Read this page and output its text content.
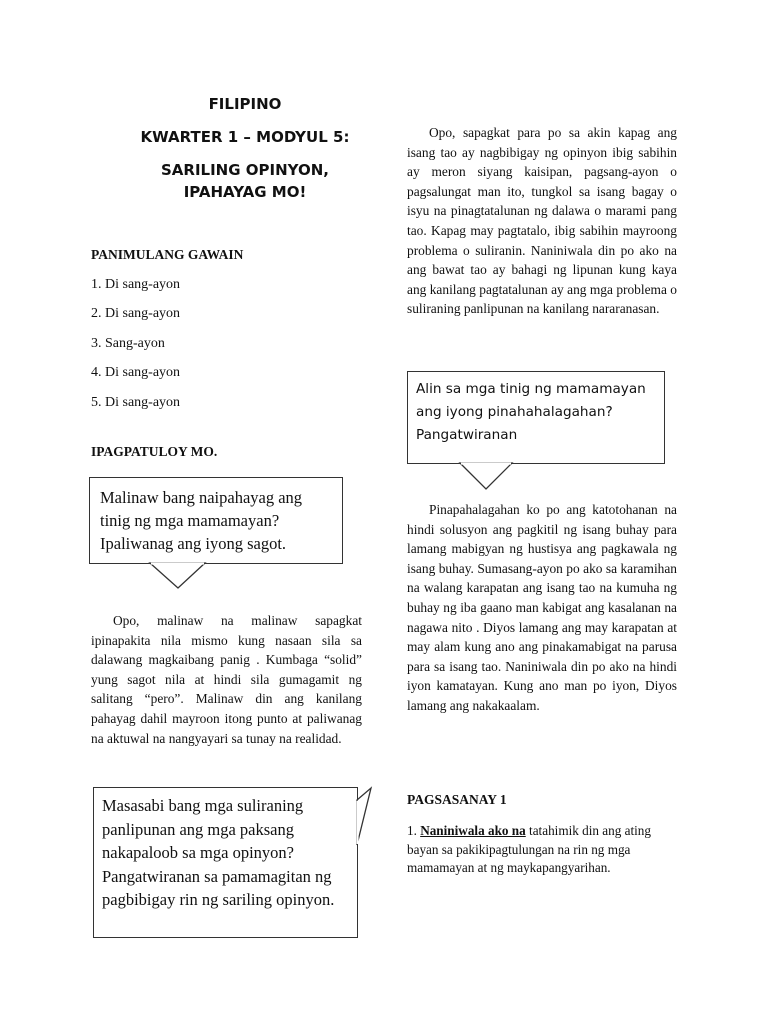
FILIPINO
KWARTER 1 – MODYUL 5:
SARILING OPINYON,
IPAHAYAG MO!
PANIMULANG GAWAIN
1. Di sang-ayon
2. Di sang-ayon
3. Sang-ayon
4. Di sang-ayon
5. Di sang-ayon
IPAGPATULOY MO.
Malinaw bang naipahayag ang tinig ng mga mamamayan? Ipaliwanag ang iyong sagot.
Opo, malinaw na malinaw sapagkat ipinapakita nila mismo kung nasaan sila sa dalawang magkaibang panig . Kumbaga “solid” yung sagot nila at hindi sila gumagamit ng salitang “pero”. Malinaw din ang kanilang pahayag dahil mayroon itong punto at paliwanag na aktuwal na nangyayari sa tunay na realidad.
Masasabi bang mga suliraning panlipunan ang mga paksang nakapaloob sa mga opinyon? Pangatwiranan sa pamamagitan ng pagbibigay rin ng sariling opinyon.
Opo, sapagkat para po sa akin kapag ang isang tao ay nagbibigay ng opinyon ibig sabihin ay meron siyang kaisipan, pagsang-ayon o pagsalungat man ito, tungkol sa isang bagay o isyu na pinagtatalunan ng dalawa o marami pang tao. Kapag may pagtatalo, ibig sabihin mayroong problema o suliranin. Naniniwala din po ako na ang bawat tao ay bahagi ng lipunan kung kaya ang kanilang pagtatalunan ay ang mga problema o suliraning panlipunan na kanilang nararanasan.
Alin sa mga tinig ng mamamayan ang iyong pinahahalagahan?Pangatwiranan
Pinapahalagahan ko po ang katotohanan na hindi solusyon ang pagkitil ng isang buhay para lamang mabigyan ng hustisya ang pagkawala ng isang buhay. Sumasang-ayon po ako sa karamihan na walang karapatan ang isang tao na kumuha ng buhay ng iba gaano man kabigat ang kasalanan na nagawa nito . Diyos lamang ang may karapatan at may alam kung ano ang pinakamabigat na parusa para sa isang tao. Naniniwala din po ako na hindi iyon kamatayan. Kung ano man po iyon, Diyos lamang ang nakakaalam.
PAGSASANAY 1
1. Naniniwala ako na tatahimik din ang ating bayan sa pakikipagtulungan na rin ng mga mamamayan at ng maykapangyarihan.
